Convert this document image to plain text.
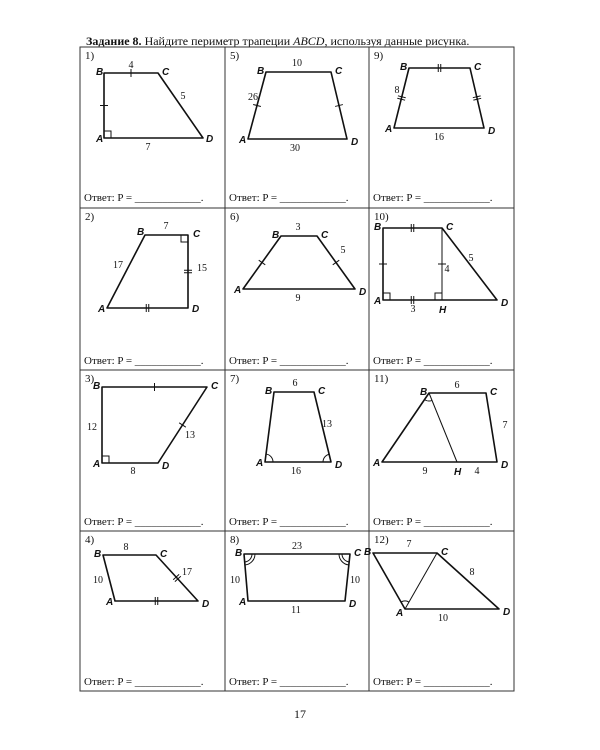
Задание 8. Найдите периметр трапеции ABCD, используя данные рисунка.
1)
Ответ: P = ____________.
A
B	C
D
4
5
7
2)
Ответ: P = ____________.
A
B	C
D
7
17	15
3)
Ответ: P = ____________.
A
B	C
D
12
13
8
4)
Ответ: P = ____________.
A
B	C
D
8
10
17
5)
Ответ: P = ____________.
A
B	C
D
10
26
30
6)
Ответ: P = ____________.
A
B	C
D
3
5
9
7)
Ответ: P = ____________.
A
B	C
D
6
13
16
8)
Ответ: P = ____________.
A
B	C
D
23
10	10
11
9)
Ответ: P = ____________.
A
B	C
D
8
16
10)
Ответ: P = ____________.
A
B	C
D
H
4
5
3
11)
Ответ: P = ____________.
A
B	C
D
H
6
7
9	4
12)
Ответ: P = ____________.
A
B	C
D
7
8
10
17
